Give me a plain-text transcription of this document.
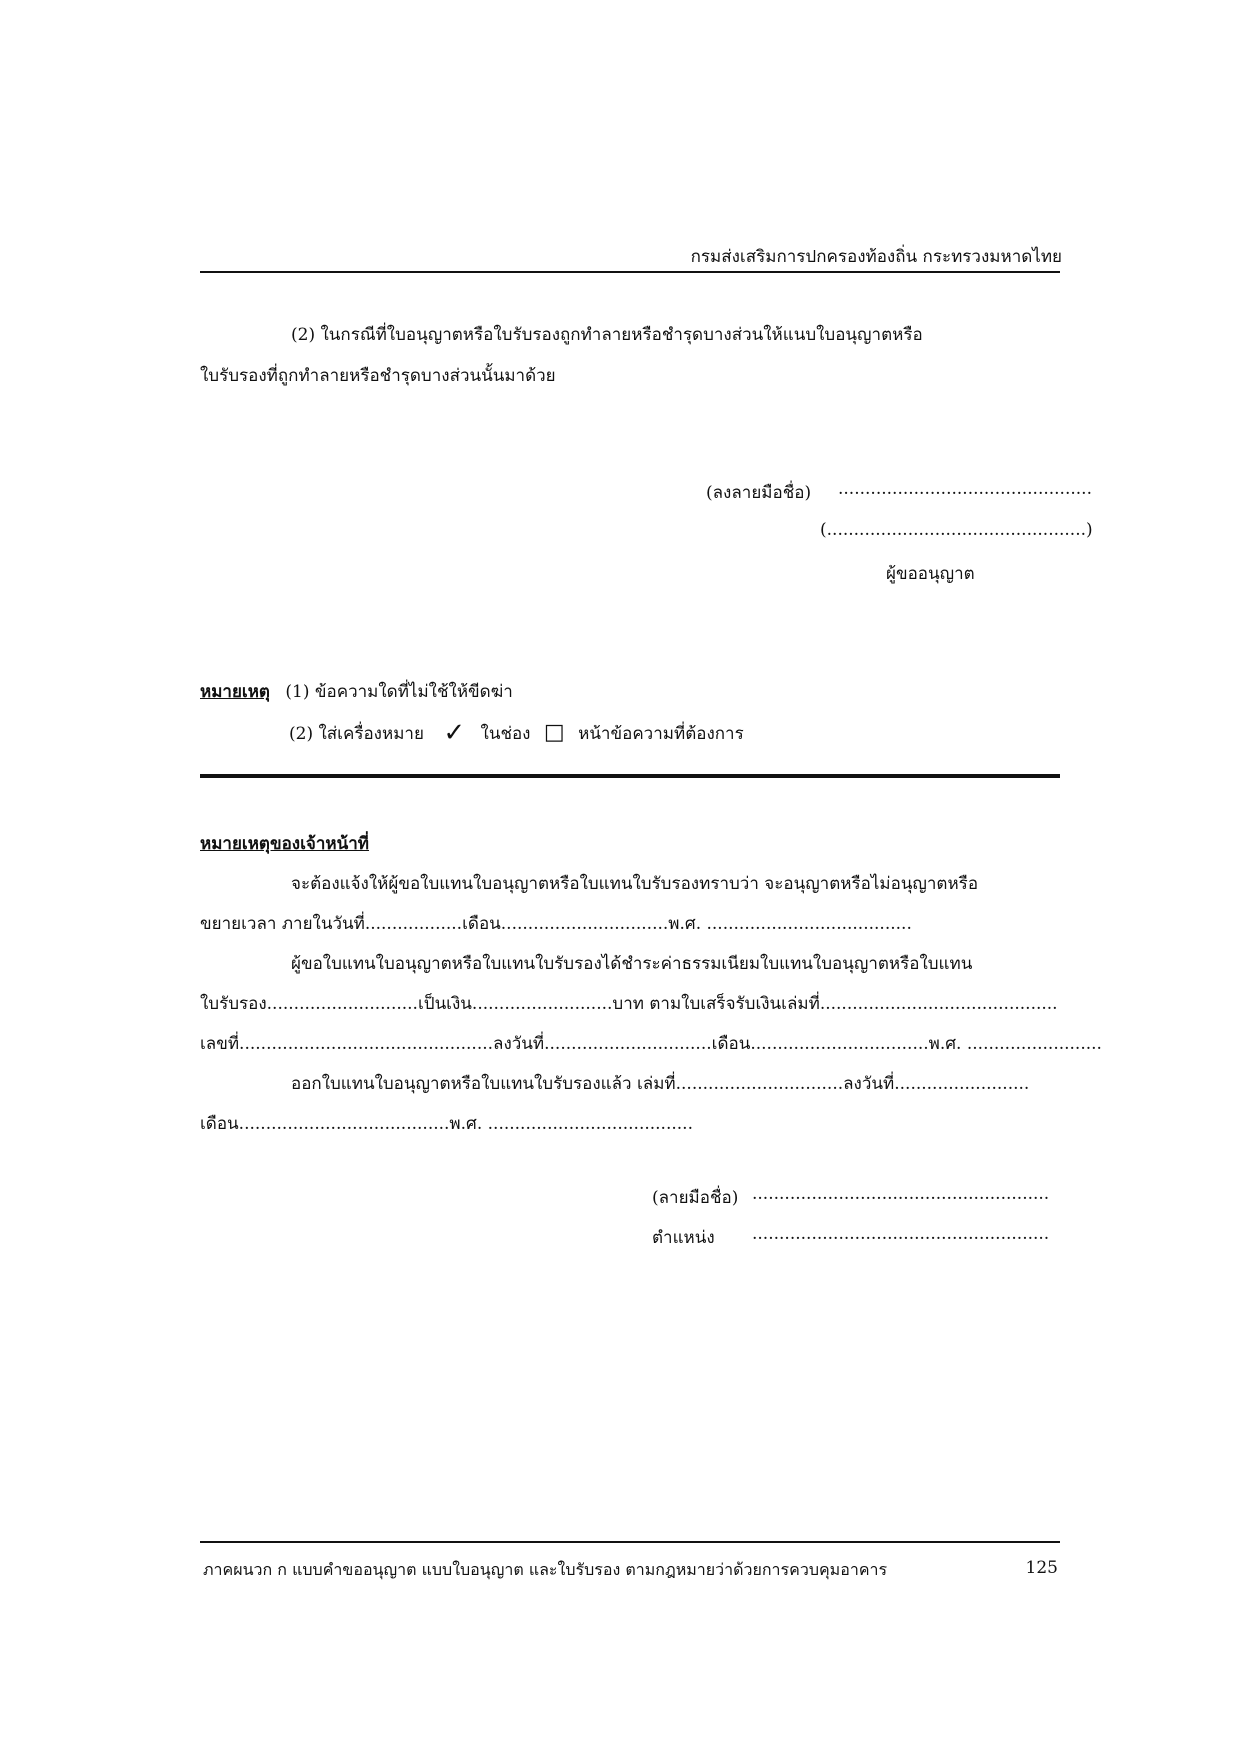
กรมส่งเสริมการปกครองท้องถิ่น กระทรวงมหาดไทย
(2) ในกรณีที่ใบอนุญาตหรือใบรับรองถูกทำลายหรือชำรุดบางส่วนให้แนบใบอนุญาตหรือ
ใบรับรองที่ถูกทำลายหรือชำรุดบางส่วนนั้นมาด้วย
(ลงลายมือชื่อ) ...............................................
(................................................)
ผู้ขออนุญาต
หมายเหตุ (1) ข้อความใดที่ไม่ใช้ให้ขีดฆ่า
(2) ใส่เครื่องหมาย ✓ ในช่อง □ หน้าข้อความที่ต้องการ
หมายเหตุของเจ้าหน้าที่
จะต้องแจ้งให้ผู้ขอใบแทนใบอนุญาตหรือใบแทนใบรับรองทราบว่า จะอนุญาตหรือไม่อนุญาตหรือ
ขยายเวลา ภายในวันที่..................เดือน...............................พ.ศ. ......................................
ผู้ขอใบแทนใบอนุญาตหรือใบแทนใบรับรองได้ชำระค่าธรรมเนียมใบแทนใบอนุญาตหรือใบแทน
ใบรับรอง............................เป็นเงิน..........................บาท ตามใบเสร็จรับเงินเล่มที่............................................
เลขที่...............................................ลงวันที่...............................เดือน.................................พ.ศ. .........................
ออกใบแทนใบอนุญาตหรือใบแทนใบรับรองแล้ว เล่มที่...............................ลงวันที่.........................
เดือน.......................................พ.ศ. ......................................
(ลายมือชื่อ) .......................................................
ตำแหน่ง .......................................................
ภาคผนวก ก แบบคำขออนุญาต แบบใบอนุญาต และใบรับรอง ตามกฎหมายว่าด้วยการควบคุมอาคาร	125
